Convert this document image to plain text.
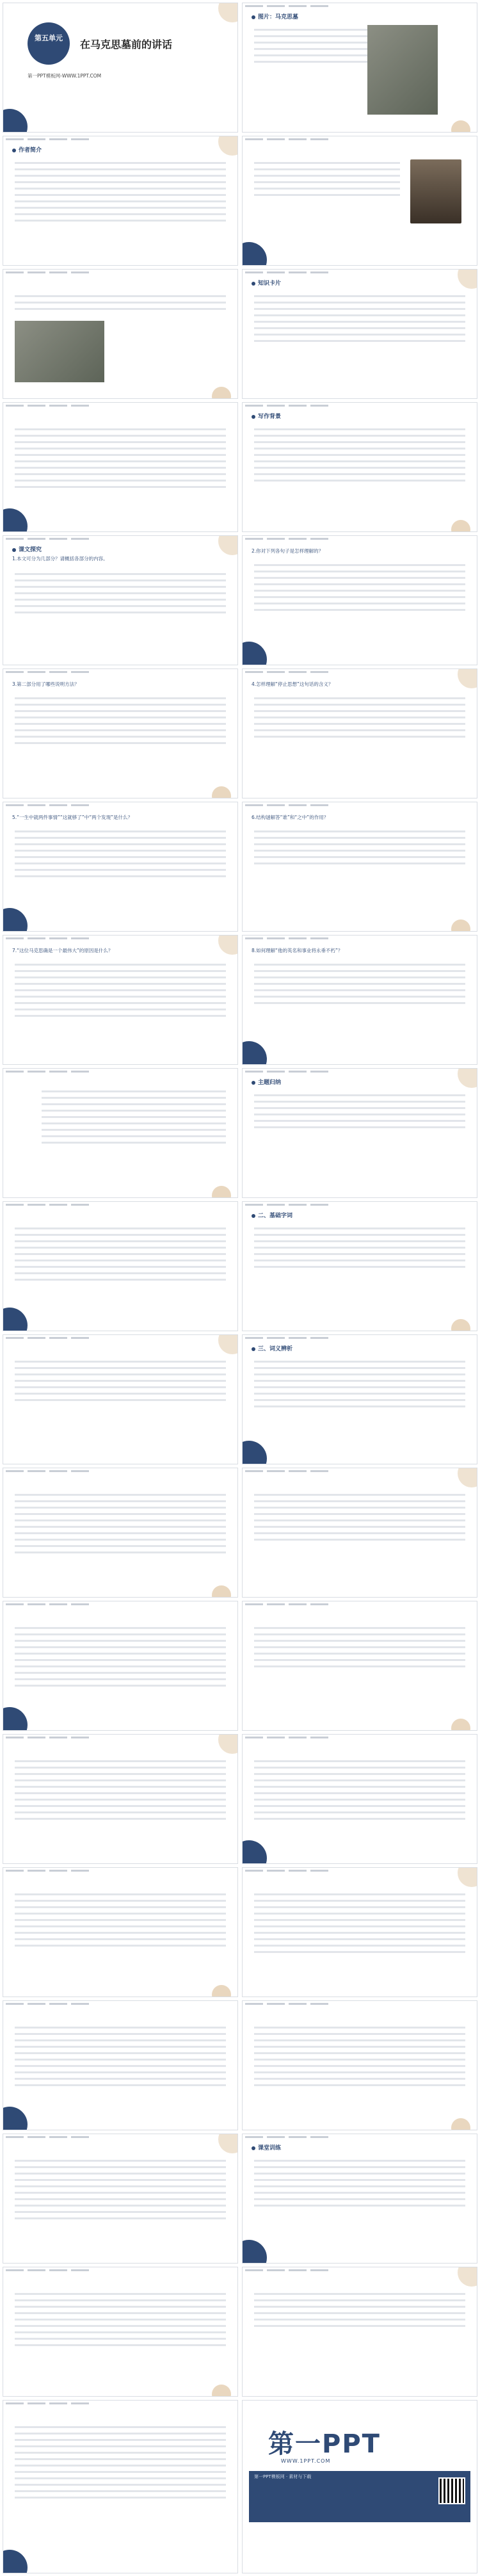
第五单元
在马克思墓前的讲话
第一PPT模板网-WWW.1PPT.COM
图片：马克思墓
作者简介
知识卡片
写作背景
课文探究

1.本文可分为几部分？请概括各部分的内容。

2.你对下列各句子是怎样理解的？

3.第二部分用了哪些说明方法？	4.怎样理解“停止思想”这句话的含义？

5.“一生中就两件事情”“这就够了”中“两个发现”是什么？	6.结构谜解答“谁”和“之中”的作用？

7.“这位马克思确是一个最伟大”的原因是什么？	8.如何理解“他的英名和事业将永垂不朽”？

主题归纳
二、基础字词
三、词义辨析
课堂训练
第一PPT
WWW.1PPT.COM

第一PPT模板网 · 素材与下载
